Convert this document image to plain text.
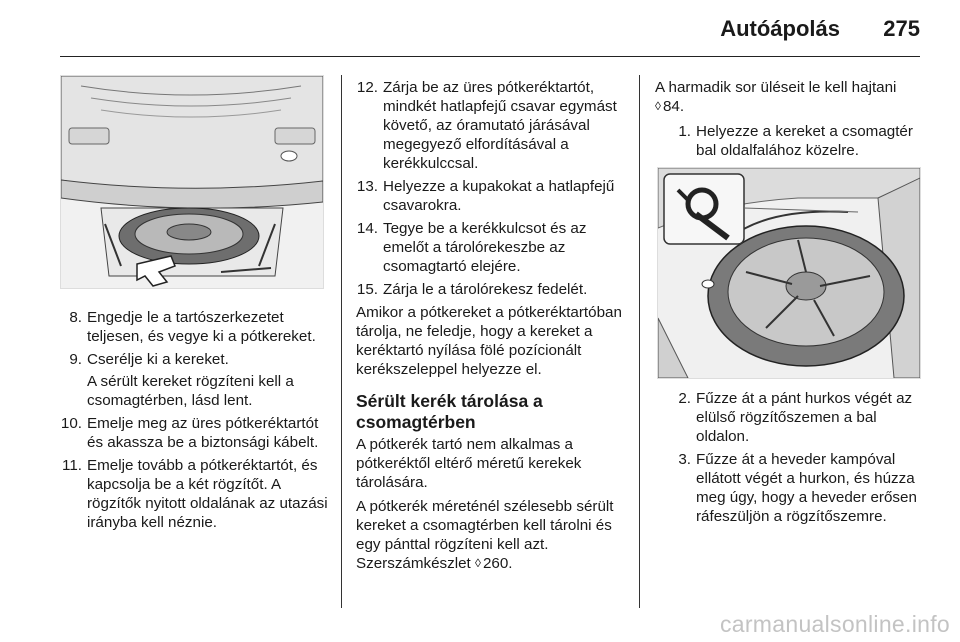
Autóápolás 275
8. Engedje le a tartószerkezetet teljesen, és vegye ki a pótkereket.
9. Cserélje ki a kereket.
A sérült kereket rögzíteni kell a csomagtérben, lásd lent.
10. Emelje meg az üres pótkeréktartót és akassza be a biztonsági kábelt.
11. Emelje tovább a pótkeréktartót, és kapcsolja be a két rögzítőt. A rögzítők nyitott oldalának az utazási irányba kell néznie.
12. Zárja be az üres pótkeréktartót, mindkét hatlapfejű csavar egymást követő, az óramutató járásával megegyező elfordításával a kerékkulccsal.
13. Helyezze a kupakokat a hatlapfejű csavarokra.
14. Tegye be a kerékkulcsot és az emelőt a tárolórekeszbe az csomagtartó elejére.
15. Zárja le a tárolórekesz fedelét.
Amikor a pótkereket a pótkeréktartóban tárolja, ne feledje, hogy a kereket a keréktartó nyílása fölé pozícionált kerékszeleppel helyezze el.
Sérült kerék tárolása a csomagtérben
A pótkerék tartó nem alkalmas a pótkeréktől eltérő méretű kerekek tárolására.
A pótkerék méreténél szélesebb sérült kereket a csomagtérben kell tárolni és egy pánttal rögzíteni kell azt. Szerszámkészlet ◊ 260.
A harmadik sor üléseit le kell hajtani
◊ 84.
1. Helyezze a kereket a csomagtér bal oldalfalához közelre.
2. Fűzze át a pánt hurkos végét az elülső rögzítőszemen a bal oldalon.
3. Fűzze át a heveder kampóval ellátott végét a hurkon, és húzza meg úgy, hogy a heveder erősen ráfeszüljön a rögzítőszemre.
carmanualsonline.info
